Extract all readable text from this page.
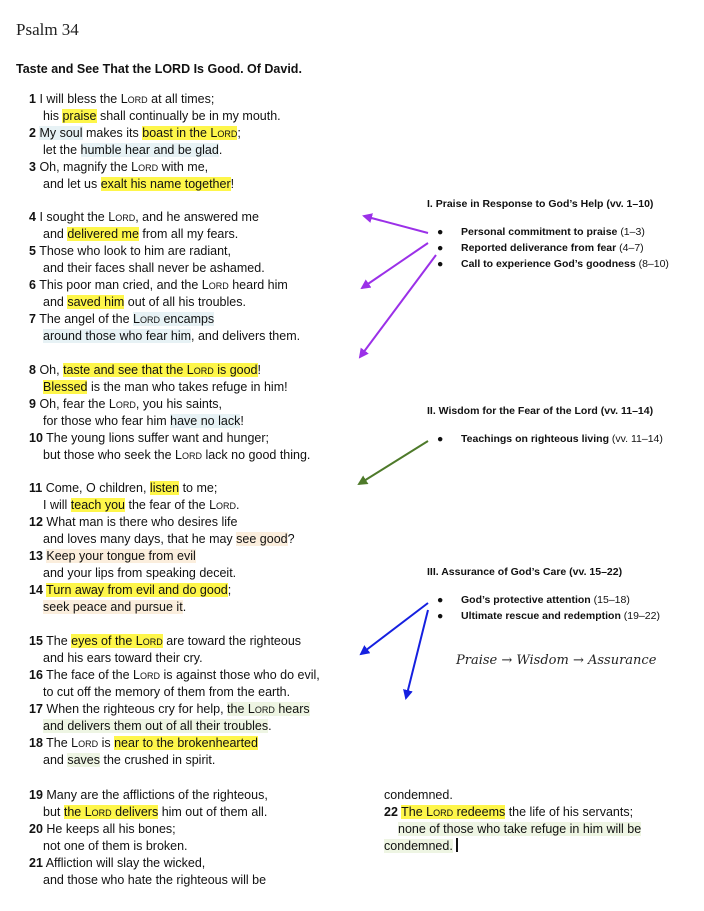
Psalm 34
Taste and See That the LORD Is Good. Of David.
1 I will bless the Lord at all times;
his praise shall continually be in my mouth.
2 My soul makes its boast in the Lord;
let the humble hear and be glad.
3 Oh, magnify the Lord with me,
and let us exalt his name together!
4 I sought the Lord, and he answered me
and delivered me from all my fears.
5 Those who look to him are radiant,
and their faces shall never be ashamed.
6 This poor man cried, and the Lord heard him
and saved him out of all his troubles.
7 The angel of the Lord encamps
around those who fear him, and delivers them.
8 Oh, taste and see that the Lord is good!
Blessed is the man who takes refuge in him!
9 Oh, fear the Lord, you his saints,
for those who fear him have no lack!
10 The young lions suffer want and hunger;
but those who seek the Lord lack no good thing.
11 Come, O children, listen to me;
I will teach you the fear of the Lord.
12 What man is there who desires life
and loves many days, that he may see good?
13 Keep your tongue from evil
and your lips from speaking deceit.
14 Turn away from evil and do good;
seek peace and pursue it.
15 The eyes of the Lord are toward the righteous
and his ears toward their cry.
16 The face of the Lord is against those who do evil,
to cut off the memory of them from the earth.
17 When the righteous cry for help, the Lord hears
and delivers them out of all their troubles.
18 The Lord is near to the brokenhearted
and saves the crushed in spirit.
19 Many are the afflictions of the righteous,
but the Lord delivers him out of them all.
20 He keeps all his bones;
not one of them is broken.
21 Affliction will slay the wicked,
and those who hate the righteous will be
condemned.
22 The Lord redeems the life of his servants;
none of those who take refuge in him will be
condemned.
I. Praise in Response to God’s Help (vv. 1–10)
● Personal commitment to praise (1–3)
● Reported deliverance from fear (4–7)
● Call to experience God’s goodness (8–10)
II. Wisdom for the Fear of the Lord (vv. 11–14)
● Teachings on righteous living (vv. 11–14)
III. Assurance of God’s Care (vv. 15–22)
● God’s protective attention (15–18)
● Ultimate rescue and redemption (19–22)
Praise → Wisdom → Assurance
